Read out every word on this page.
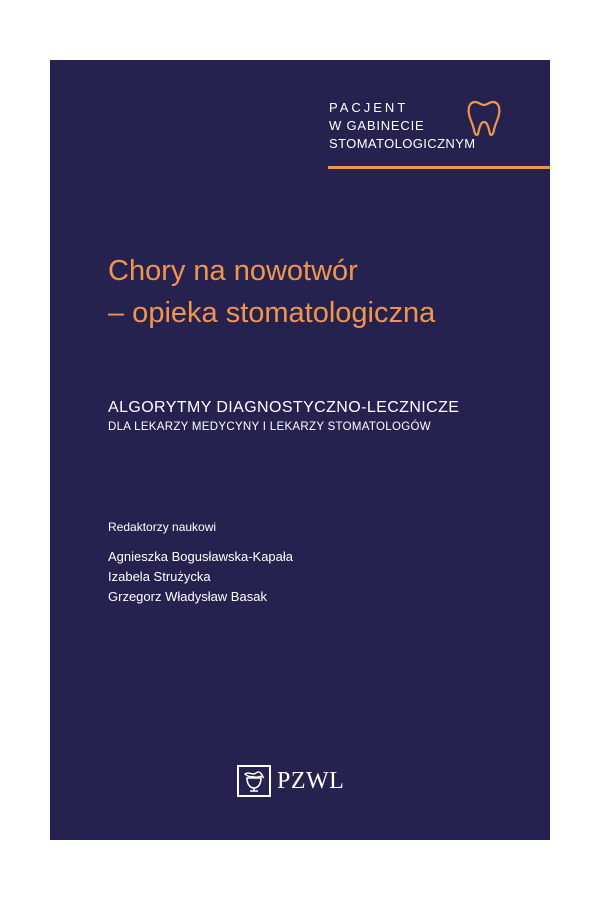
PACJENT
W GABINECIE
STOMATOLOGICZNYM
Chory na nowotwór
– opieka stomatologiczna
ALGORYTMY DIAGNOSTYCZNO-LECZNICZE
DLA LEKARZY MEDYCYNY I LEKARZY STOMATOLOGÓW
Redaktorzy naukowi
Agnieszka Bogusławska-Kapała
Izabela Strużycka
Grzegorz Władysław Basak
PZWL
